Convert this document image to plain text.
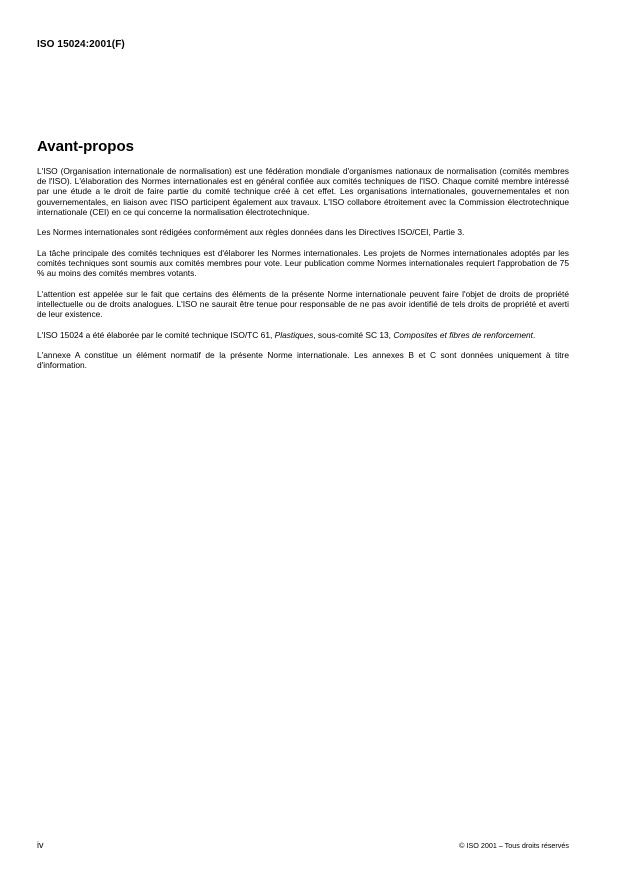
ISO 15024:2001(F)
Avant-propos

L'ISO (Organisation internationale de normalisation) est une fédération mondiale d'organismes nationaux de normalisation (comités membres de l'ISO). L'élaboration des Normes internationales est en général confiée aux comités techniques de l'ISO. Chaque comité membre intéressé par une étude a le droit de faire partie du comité technique créé à cet effet. Les organisations internationales, gouvernementales et non gouvernementales, en liaison avec l'ISO participent également aux travaux. L'ISO collabore étroitement avec la Commission électrotechnique internationale (CEI) en ce qui concerne la normalisation électrotechnique.

Les Normes internationales sont rédigées conformément aux règles données dans les Directives ISO/CEI, Partie 3.

La tâche principale des comités techniques est d'élaborer les Normes internationales. Les projets de Normes internationales adoptés par les comités techniques sont soumis aux comités membres pour vote. Leur publication comme Normes internationales requiert l'approbation de 75 % au moins des comités membres votants.

L'attention est appelée sur le fait que certains des éléments de la présente Norme internationale peuvent faire l'objet de droits de propriété intellectuelle ou de droits analogues. L'ISO ne saurait être tenue pour responsable de ne pas avoir identifié de tels droits de propriété et averti de leur existence.

L'ISO 15024 a été élaborée par le comité technique ISO/TC 61, Plastiques, sous-comité SC 13, Composites et fibres de renforcement.

L'annexe A constitue un élément normatif de la présente Norme internationale. Les annexes B et C sont données uniquement à titre d'information.

iv	© ISO 2001 – Tous droits réservés
